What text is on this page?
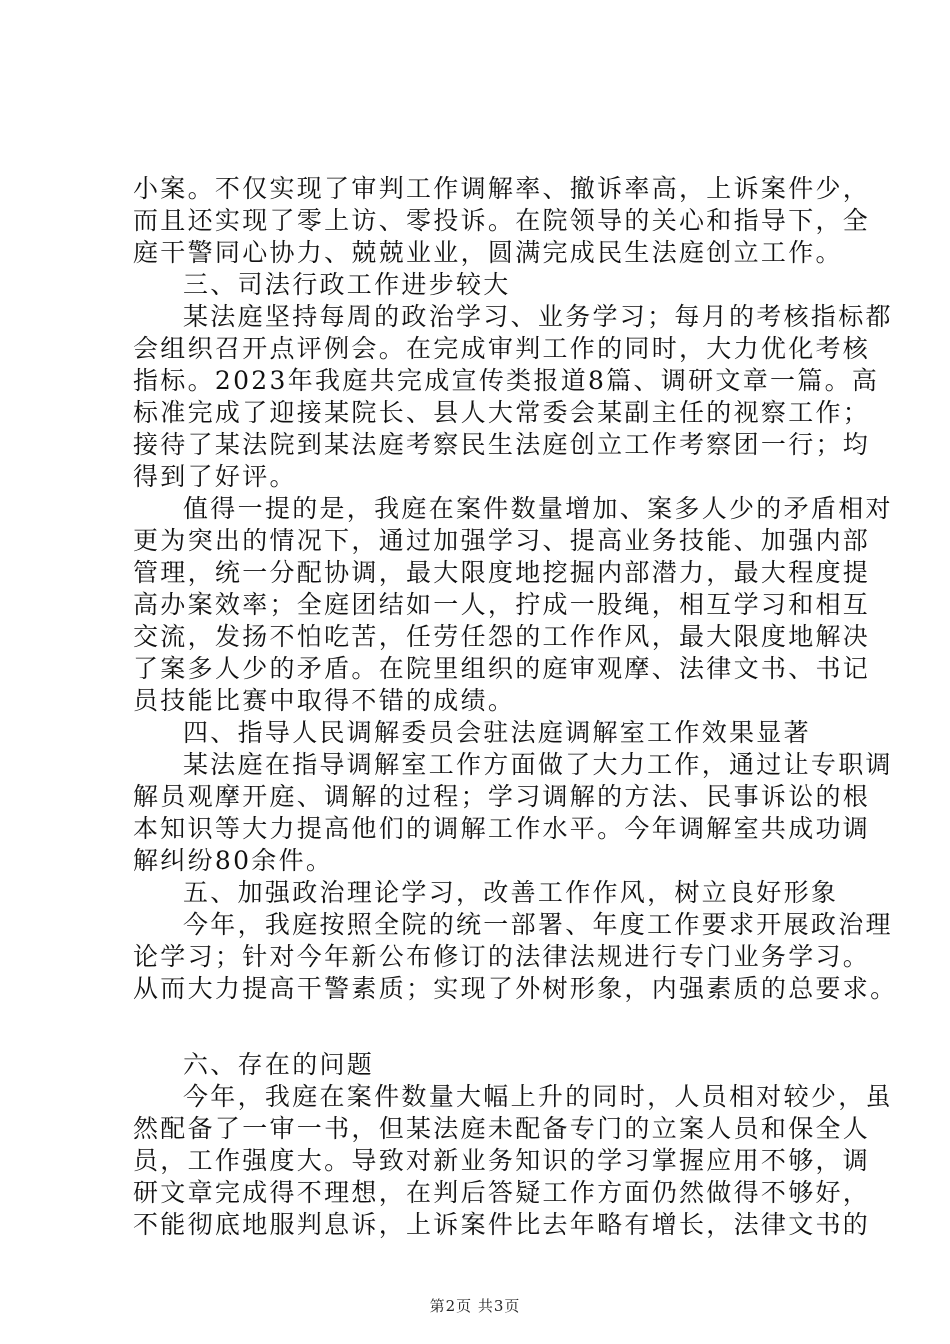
小案。不仅实现了审判工作调解率、撤诉率高，上诉案件少，
而且还实现了零上访、零投诉。在院领导的关心和指导下，全
庭干警同心协力、兢兢业业，圆满完成民生法庭创立工作。
三、司法行政工作进步较大
某法庭坚持每周的政治学习、业务学习；每月的考核指标都
会组织召开点评例会。在完成审判工作的同时，大力优化考核
指标。2023年我庭共完成宣传类报道8篇、调研文章一篇。高
标准完成了迎接某院长、县人大常委会某副主任的视察工作；
接待了某法院到某法庭考察民生法庭创立工作考察团一行；均
得到了好评。
值得一提的是，我庭在案件数量增加、案多人少的矛盾相对
更为突出的情况下，通过加强学习、提高业务技能、加强内部
管理，统一分配协调，最大限度地挖掘内部潜力，最大程度提
高办案效率；全庭团结如一人，拧成一股绳，相互学习和相互
交流，发扬不怕吃苦，任劳任怨的工作作风，最大限度地解决
了案多人少的矛盾。在院里组织的庭审观摩、法律文书、书记
员技能比赛中取得不错的成绩。
四、指导人民调解委员会驻法庭调解室工作效果显著
某法庭在指导调解室工作方面做了大力工作，通过让专职调
解员观摩开庭、调解的过程；学习调解的方法、民事诉讼的根
本知识等大力提高他们的调解工作水平。今年调解室共成功调
解纠纷80余件。
五、加强政治理论学习，改善工作作风，树立良好形象
今年，我庭按照全院的统一部署、年度工作要求开展政治理
论学习；针对今年新公布修订的法律法规进行专门业务学习。
从而大力提高干警素质；实现了外树形象，内强素质的总要求。
六、存在的问题
今年，我庭在案件数量大幅上升的同时，人员相对较少，虽
然配备了一审一书，但某法庭未配备专门的立案人员和保全人
员，工作强度大。导致对新业务知识的学习掌握应用不够，调
研文章完成得不理想，在判后答疑工作方面仍然做得不够好，
不能彻底地服判息诉，上诉案件比去年略有增长，法律文书的
第2页 共3页
